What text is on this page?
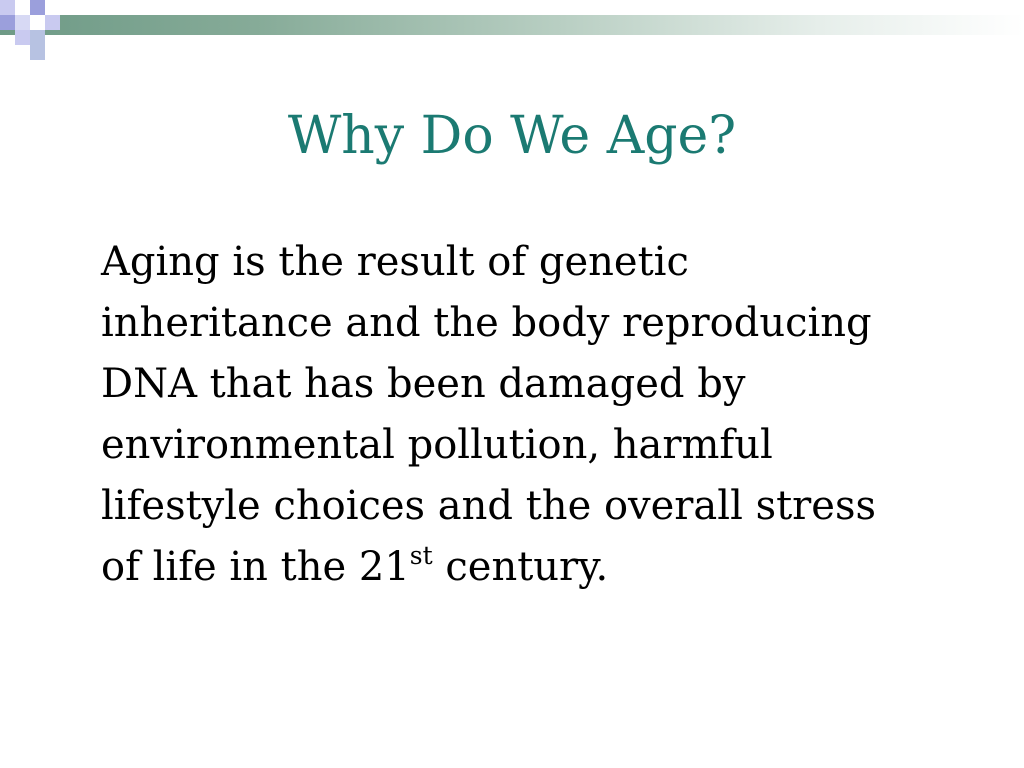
Why Do We Age?

Aging is the result of genetic
inheritance and the body reproducing
DNA that has been damaged by
environmental pollution, harmful
lifestyle choices and the overall stress
of life in the 21st century.
